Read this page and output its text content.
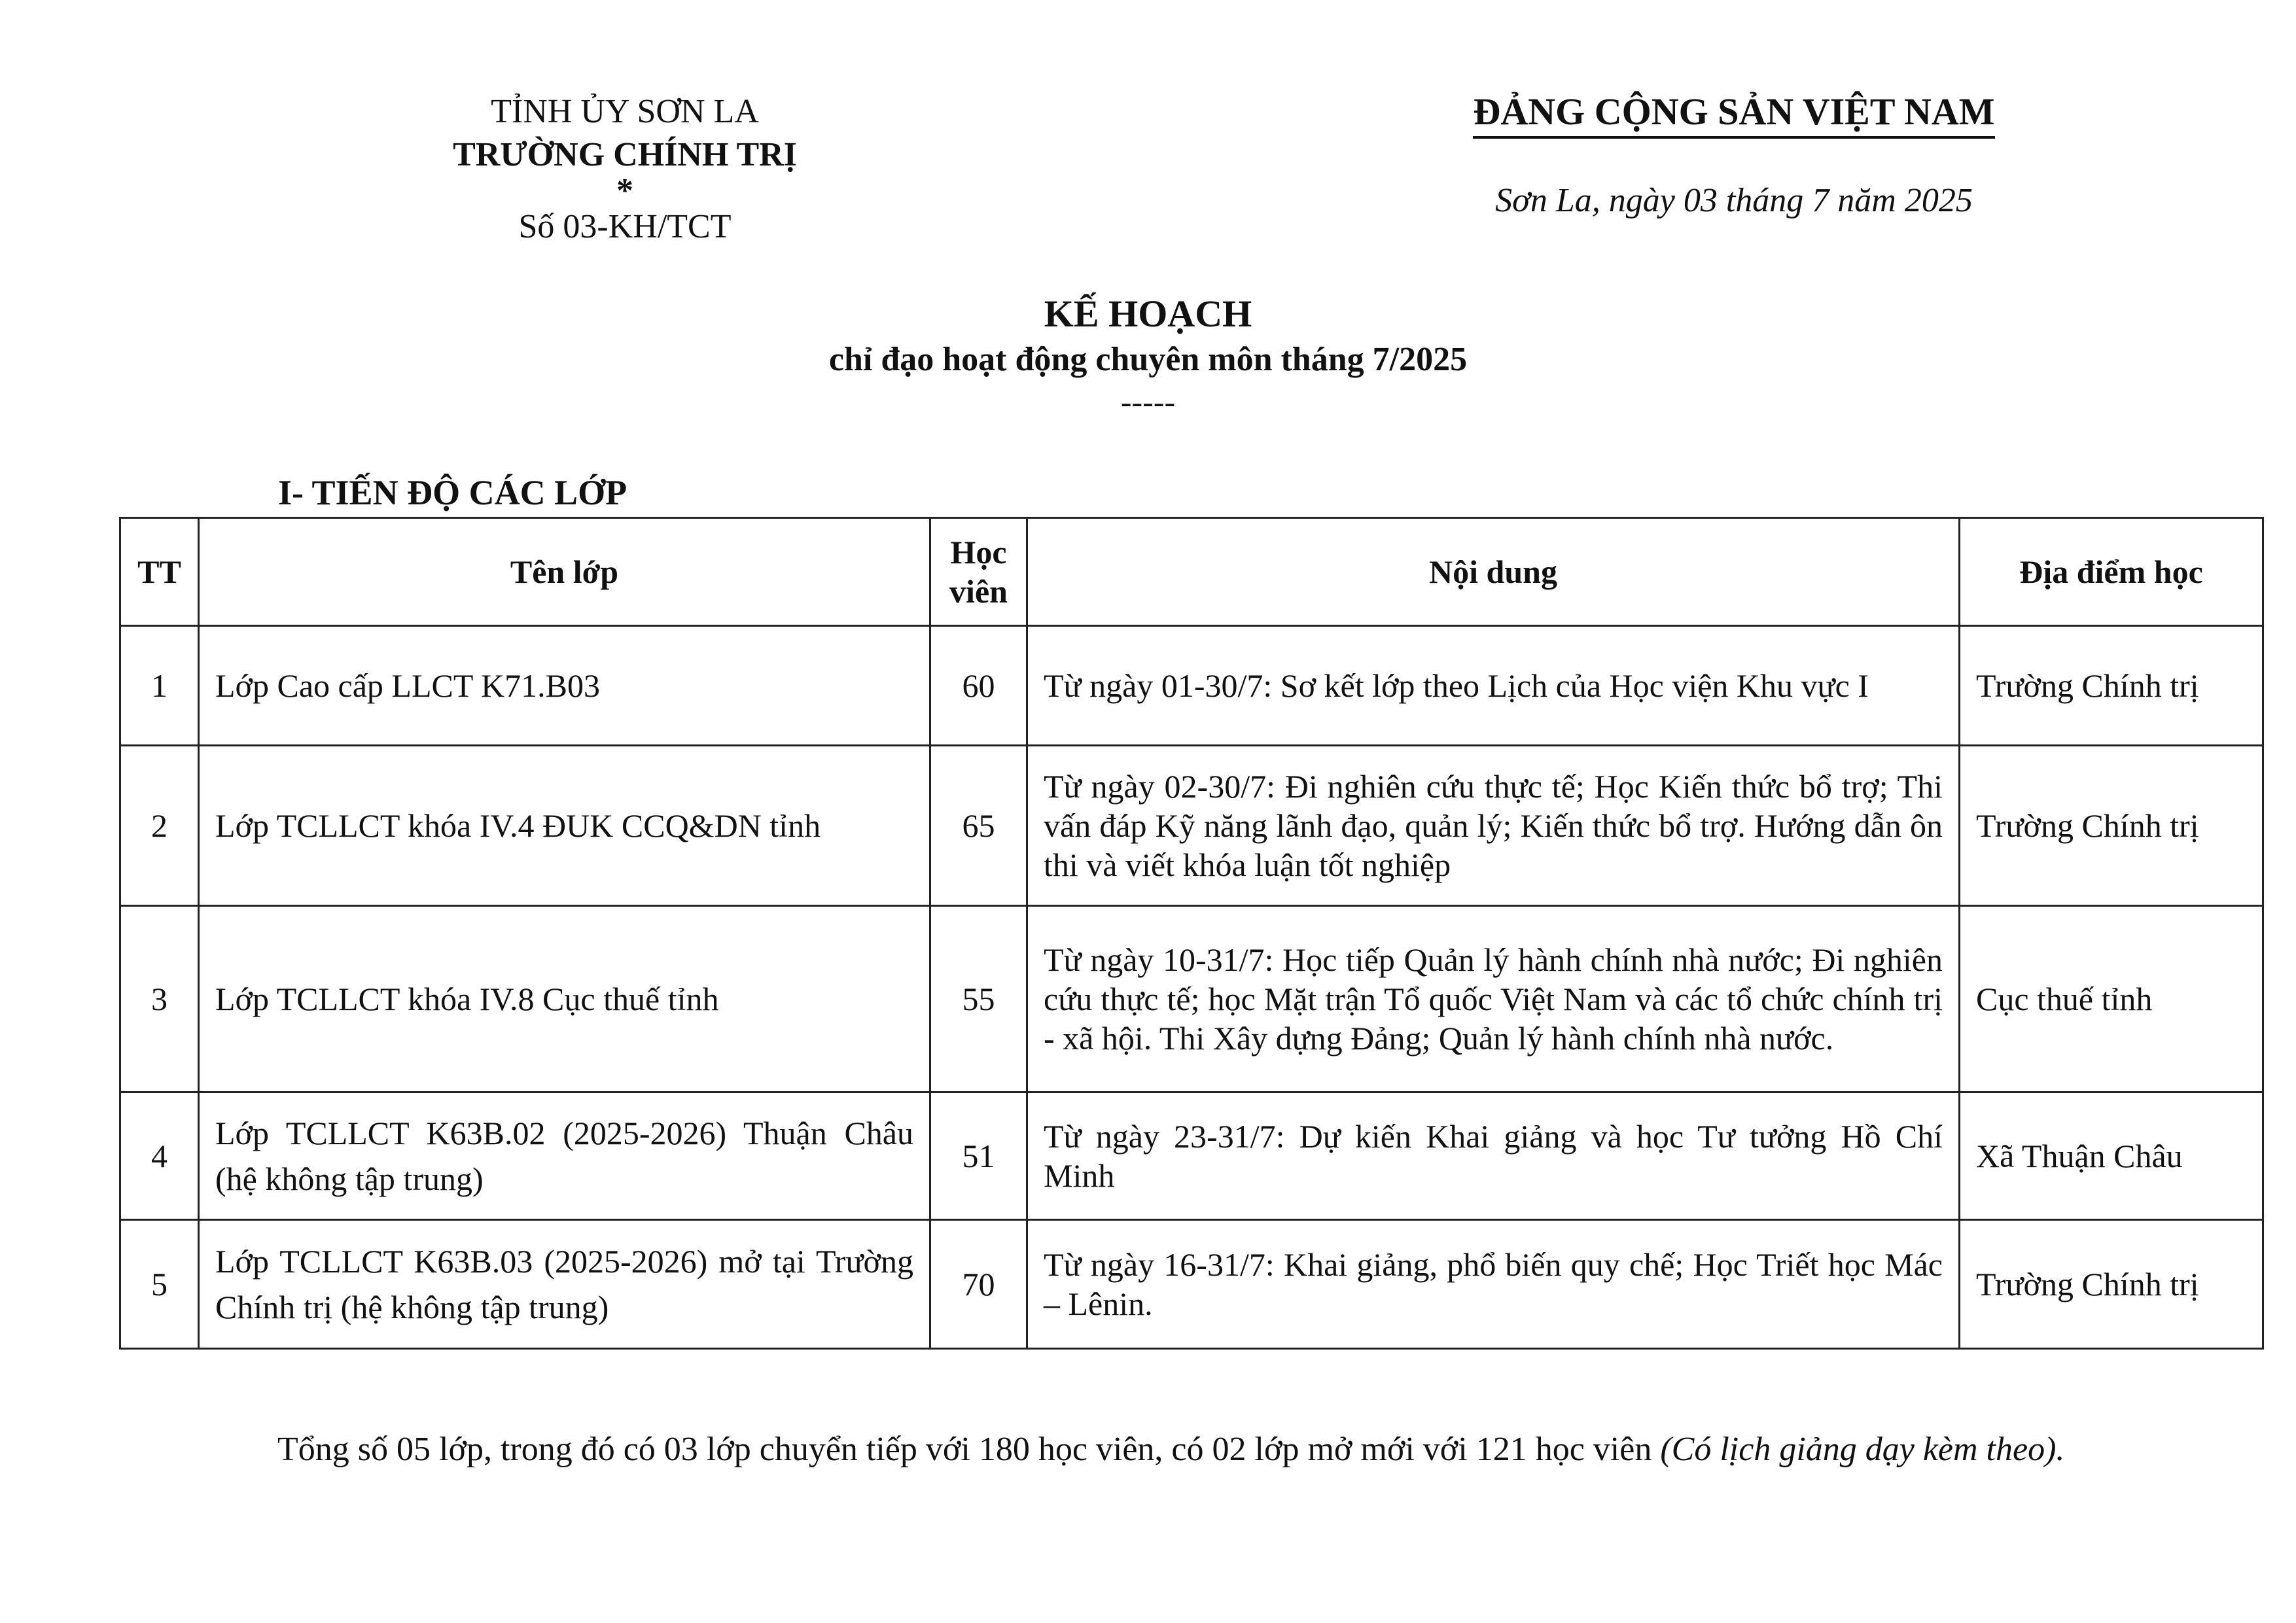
TỈNH ỦY SƠN LA
TRƯỜNG CHÍNH TRỊ
*
Số 03-KH/TCT
ĐẢNG CỘNG SẢN VIỆT NAM
Sơn La, ngày 03 tháng 7 năm 2025
KẾ HOẠCH
chỉ đạo hoạt động chuyên môn tháng 7/2025
-----
I- TIẾN ĐỘ CÁC LỚP
TT	Tên lớp	Học viên	Nội dung	Địa điểm học
1	Lớp Cao cấp LLCT K71.B03	60	Từ ngày 01-30/7: Sơ kết lớp theo Lịch của Học viện Khu vực I	Trường Chính trị
2	Lớp TCLLCT khóa IV.4 ĐUK CCQ&DN tỉnh	65	Từ ngày 02-30/7: Đi nghiên cứu thực tế; Học Kiến thức bổ trợ; Thi vấn đáp Kỹ năng lãnh đạo, quản lý; Kiến thức bổ trợ. Hướng dẫn ôn thi và viết khóa luận tốt nghiệp	Trường Chính trị
3	Lớp TCLLCT khóa IV.8 Cục thuế tỉnh	55	Từ ngày 10-31/7: Học tiếp Quản lý hành chính nhà nước; Đi nghiên cứu thực tế; học Mặt trận Tổ quốc Việt Nam và các tổ chức chính trị - xã hội. Thi Xây dựng Đảng; Quản lý hành chính nhà nước.	Cục thuế tỉnh
4	Lớp TCLLCT K63B.02 (2025-2026) Thuận Châu (hệ không tập trung)	51	Từ ngày 23-31/7: Dự kiến Khai giảng và học Tư tưởng Hồ Chí Minh	Xã Thuận Châu
5	Lớp TCLLCT K63B.03 (2025-2026) mở tại Trường Chính trị (hệ không tập trung)	70	Từ ngày 16-31/7: Khai giảng, phổ biến quy chế; Học Triết học Mác – Lênin.	Trường Chính trị

Tổng số 05 lớp, trong đó có 03 lớp chuyển tiếp với 180 học viên, có 02 lớp mở mới với 121 học viên (Có lịch giảng dạy kèm theo).
